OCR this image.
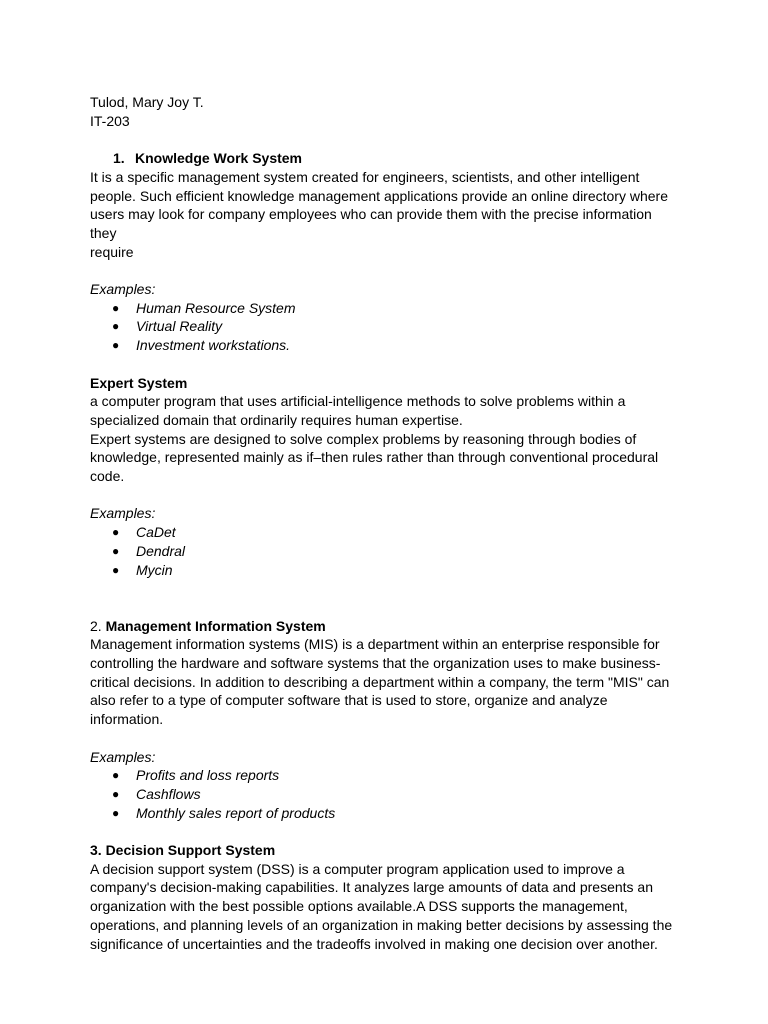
Tulod, Mary Joy T.

IT-203

1. Knowledge Work System

It is a specific management system created for engineers, scientists, and other intelligent
people. Such efficient knowledge management applications provide an online directory where
users may look for company employees who can provide them with the precise information they
require

Examples:

● Human Resource System
● Virtual Reality
● Investment workstations.

Expert System

a computer program that uses artificial-intelligence methods to solve problems within a
specialized domain that ordinarily requires human expertise.

Expert systems are designed to solve complex problems by reasoning through bodies of
knowledge, represented mainly as if–then rules rather than through conventional procedural
code.

Examples:

● CaDet
● Dendral
● Mycin

2. Management Information System

Management information systems (MIS) is a department within an enterprise responsible for
controlling the hardware and software systems that the organization uses to make business-
critical decisions. In addition to describing a department within a company, the term "MIS" can
also refer to a type of computer software that is used to store, organize and analyze information.

Examples:

● Profits and loss reports
● Cashflows
● Monthly sales report of products

3. Decision Support System

A decision support system (DSS) is a computer program application used to improve a
company's decision-making capabilities. It analyzes large amounts of data and presents an
organization with the best possible options available.A DSS supports the management,
operations, and planning levels of an organization in making better decisions by assessing the
significance of uncertainties and the tradeoffs involved in making one decision over another.
